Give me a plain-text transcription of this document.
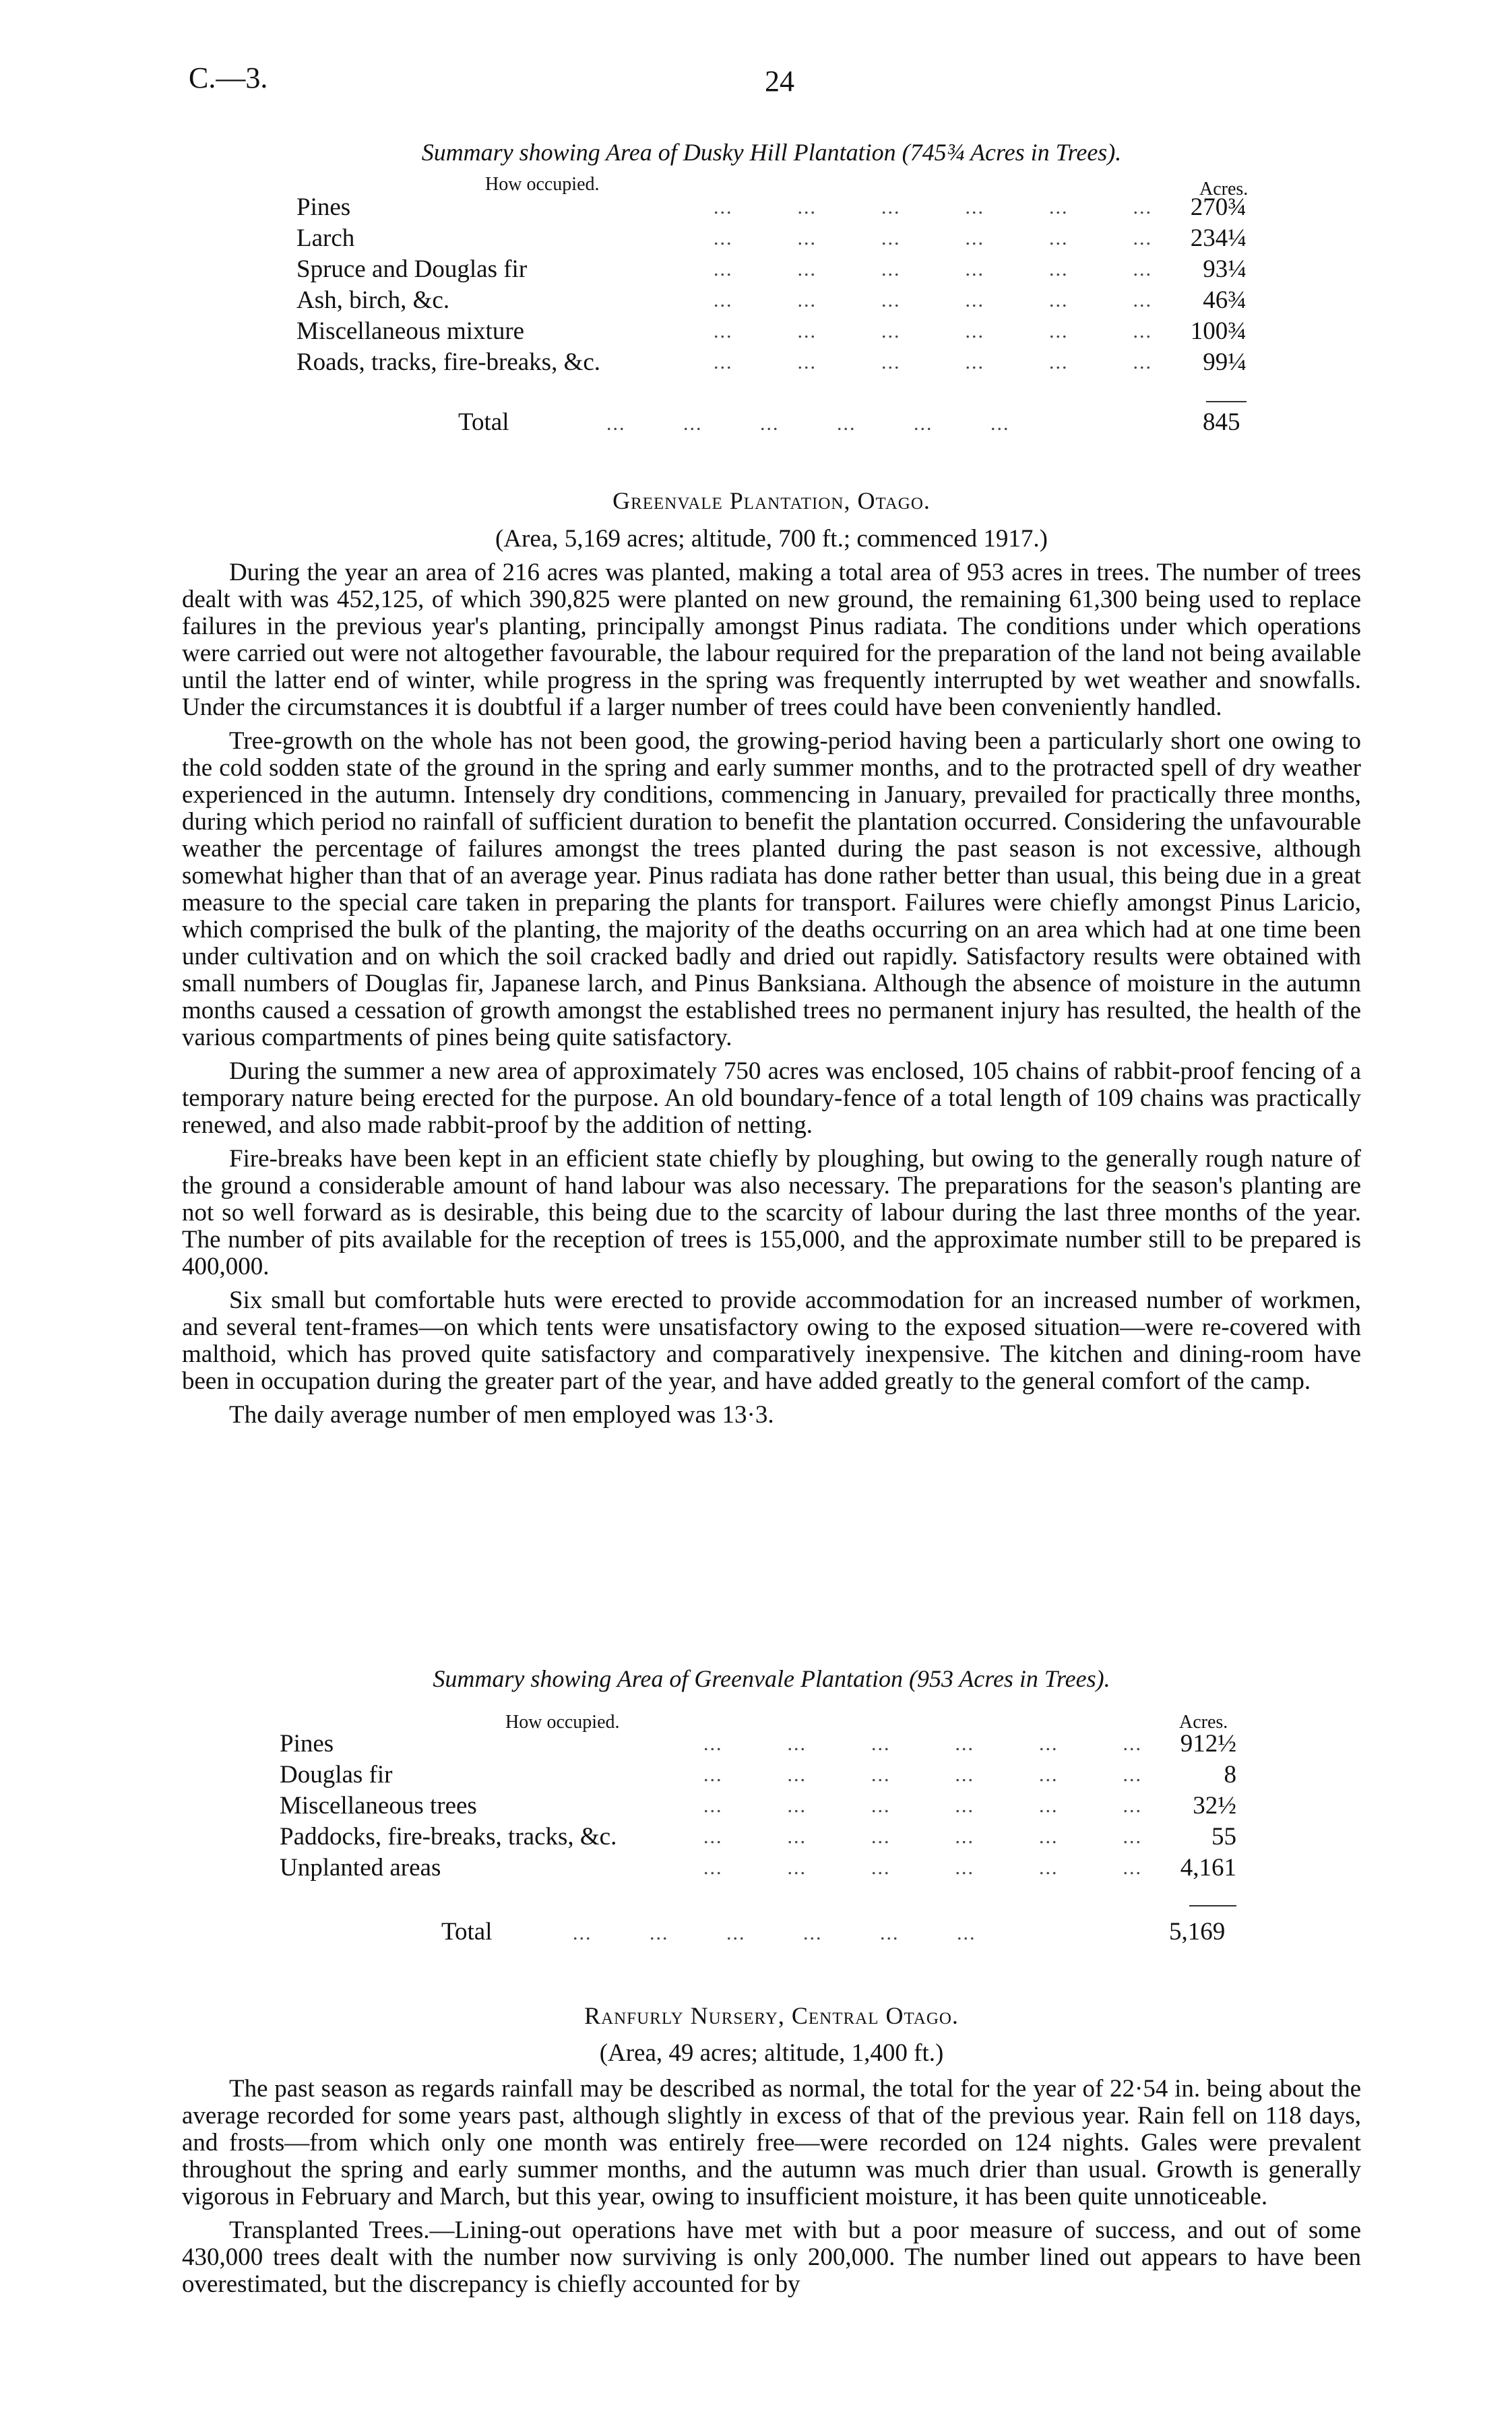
C.—3.	24
Summary showing Area of Dusky Hill Plantation (745¾ Acres in Trees).
How occupied.	Acres.
Pines	...   ...   ...   ...   ...   ...	270¾
Larch	...   ...   ...   ...   ...   ...	234¼
Spruce and Douglas fir	...   ...   ...   ...   ...   ...	93¼
Ash, birch, &c.	...   ...   ...   ...   ...   ...	46¾
Miscellaneous mixture	...   ...   ...   ...   ...   ...	100¾
Roads, tracks, fire-breaks, &c.	...   ...   ...   ...   ...   ...	99¼
Total	...         ...         ...         ...         ...         ...	845
Greenvale Plantation, Otago.
(Area, 5,169 acres; altitude, 700 ft.; commenced 1917.)

During the year an area of 216 acres was planted, making a total area of 953 acres in trees. The number of trees dealt with was 452,125, of which 390,825 were planted on new ground, the remaining 61,300 being used to replace failures in the previous year's planting, principally amongst Pinus radiata. The conditions under which operations were carried out were not altogether favourable, the labour required for the preparation of the land not being available until the latter end of winter, while progress in the spring was frequently interrupted by wet weather and snowfalls. Under the circumstances it is doubtful if a larger number of trees could have been conveniently handled.

Tree-growth on the whole has not been good, the growing-period having been a particularly short one owing to the cold sodden state of the ground in the spring and early summer months, and to the protracted spell of dry weather experienced in the autumn. Intensely dry conditions, commencing in January, prevailed for practically three months, during which period no rainfall of sufficient duration to benefit the plantation occurred. Considering the unfavourable weather the percentage of failures amongst the trees planted during the past season is not excessive, although somewhat higher than that of an average year. Pinus radiata has done rather better than usual, this being due in a great measure to the special care taken in preparing the plants for transport. Failures were chiefly amongst Pinus Laricio, which comprised the bulk of the planting, the majority of the deaths occurring on an area which had at one time been under cultivation and on which the soil cracked badly and dried out rapidly. Satisfactory results were obtained with small numbers of Douglas fir, Japanese larch, and Pinus Banksiana. Although the absence of moisture in the autumn months caused a cessation of growth amongst the established trees no permanent injury has resulted, the health of the various compartments of pines being quite satisfactory.

During the summer a new area of approximately 750 acres was enclosed, 105 chains of rabbit-proof fencing of a temporary nature being erected for the purpose. An old boundary-fence of a total length of 109 chains was practically renewed, and also made rabbit-proof by the addition of netting.

Fire-breaks have been kept in an efficient state chiefly by ploughing, but owing to the generally rough nature of the ground a considerable amount of hand labour was also necessary. The preparations for the season's planting are not so well forward as is desirable, this being due to the scarcity of labour during the last three months of the year. The number of pits available for the reception of trees is 155,000, and the approximate number still to be prepared is 400,000.

Six small but comfortable huts were erected to provide accommodation for an increased number of workmen, and several tent-frames—on which tents were unsatisfactory owing to the exposed situation—were re-covered with malthoid, which has proved quite satisfactory and comparatively inexpensive. The kitchen and dining-room have been in occupation during the greater part of the year, and have added greatly to the general comfort of the camp.

The daily average number of men employed was 13·3.

Summary showing Area of Greenvale Plantation (953 Acres in Trees).
How occupied.	Acres.
Pines	...   ...   ...   ...   ...   ...	912½
Douglas fir	...   ...   ...   ...   ...   ...	8
Miscellaneous trees	...   ...   ...   ...   ...   ...	32½
Paddocks, fire-breaks, tracks, &c.	...   ...   ...   ...   ...   ...	55
Unplanted areas	...   ...   ...   ...   ...   ...	4,161
Total	...         ...         ...         ...         ...         ...	5,169
Ranfurly Nursery, Central Otago.
(Area, 49 acres; altitude, 1,400 ft.)

The past season as regards rainfall may be described as normal, the total for the year of 22·54 in. being about the average recorded for some years past, although slightly in excess of that of the previous year. Rain fell on 118 days, and frosts—from which only one month was entirely free—were recorded on 124 nights. Gales were prevalent throughout the spring and early summer months, and the autumn was much drier than usual. Growth is generally vigorous in February and March, but this year, owing to insufficient moisture, it has been quite unnoticeable.

Transplanted Trees.—Lining-out operations have met with but a poor measure of success, and out of some 430,000 trees dealt with the number now surviving is only 200,000. The number lined out appears to have been overestimated, but the discrepancy is chiefly accounted for by
